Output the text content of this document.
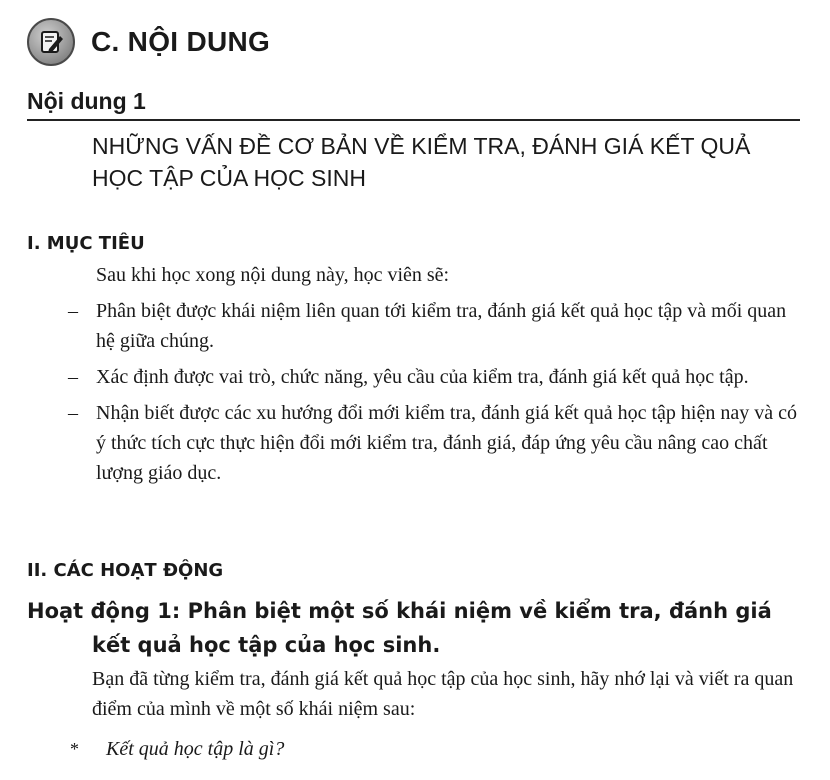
C. NỘI DUNG
Nội dung 1
NHỮNG VẤN ĐỀ CƠ BẢN VỀ KIỂM TRA, ĐÁNH GIÁ KẾT QUẢ
HỌC TẬP CỦA HỌC SINH
I. MỤC TIÊU
Sau khi học xong nội dung này, học viên sẽ:
– Phân biệt được khái niệm liên quan tới kiểm tra, đánh giá kết quả học tập và mối quan hệ giữa chúng.
– Xác định được vai trò, chức năng, yêu cầu của kiểm tra, đánh giá kết quả học tập.
– Nhận biết được các xu hướng đổi mới kiểm tra, đánh giá kết quả học tập hiện nay và có ý thức tích cực thực hiện đổi mới kiểm tra, đánh giá, đáp ứng yêu cầu nâng cao chất lượng giáo dục.
II. CÁC HOẠT ĐỘNG
Hoạt động 1: Phân biệt một số khái niệm về kiểm tra, đánh giá
kết quả học tập của học sinh.
Bạn đã từng kiểm tra, đánh giá kết quả học tập của học sinh, hãy nhớ lại và viết ra quan điểm của mình về một số khái niệm sau:
*	Kết quả học tập là gì?
